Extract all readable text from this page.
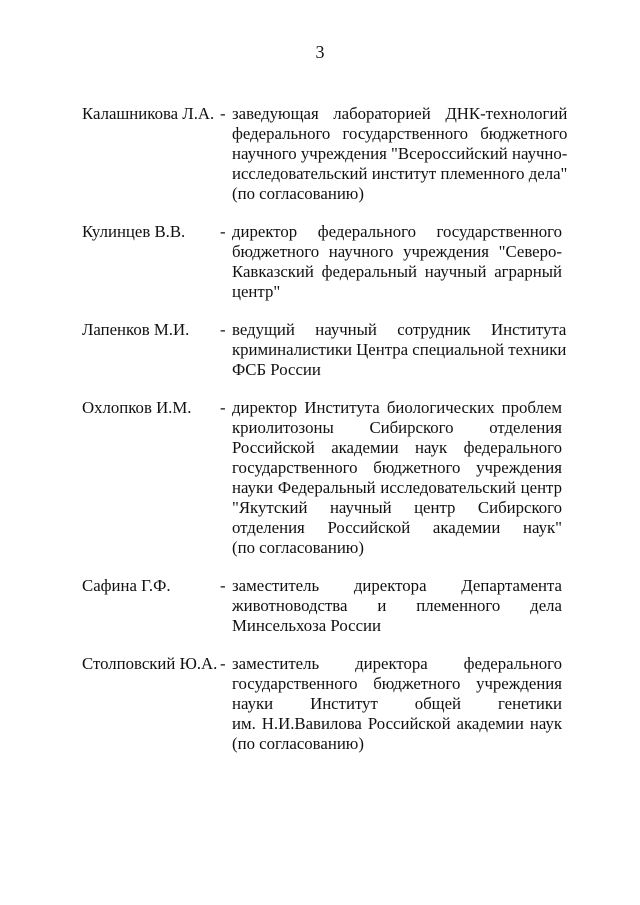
3
Калашникова Л.А. - заведующая лабораторией ДНК-технологий
федерального государственного бюджетного
научного учреждения "Всероссийский научно-
исследовательский институт племенного дела"
(по согласованию)
Кулинцев В.В.	- директор федерального государственного
бюджетного научного учреждения "Северо-
Кавказский федеральный научный аграрный
центр"
Лапенков М.И.	- ведущий научный сотрудник Института
криминалистики Центра специальной техники
ФСБ России
Охлопков И.М.	- директор Института биологических проблем
криолитозоны Сибирского отделения
Российской академии наук федерального
государственного бюджетного учреждения
науки Федеральный исследовательский центр
"Якутский научный центр Сибирского
отделения Российской академии наук"
(по согласованию)
Сафина Г.Ф.	- заместитель директора Департамента
животноводства и племенного дела
Минсельхоза России
Столповский Ю.А. - заместитель директора федерального
государственного бюджетного учреждения
науки Институт общей генетики
им. Н.И.Вавилова Российской академии наук
(по согласованию)
